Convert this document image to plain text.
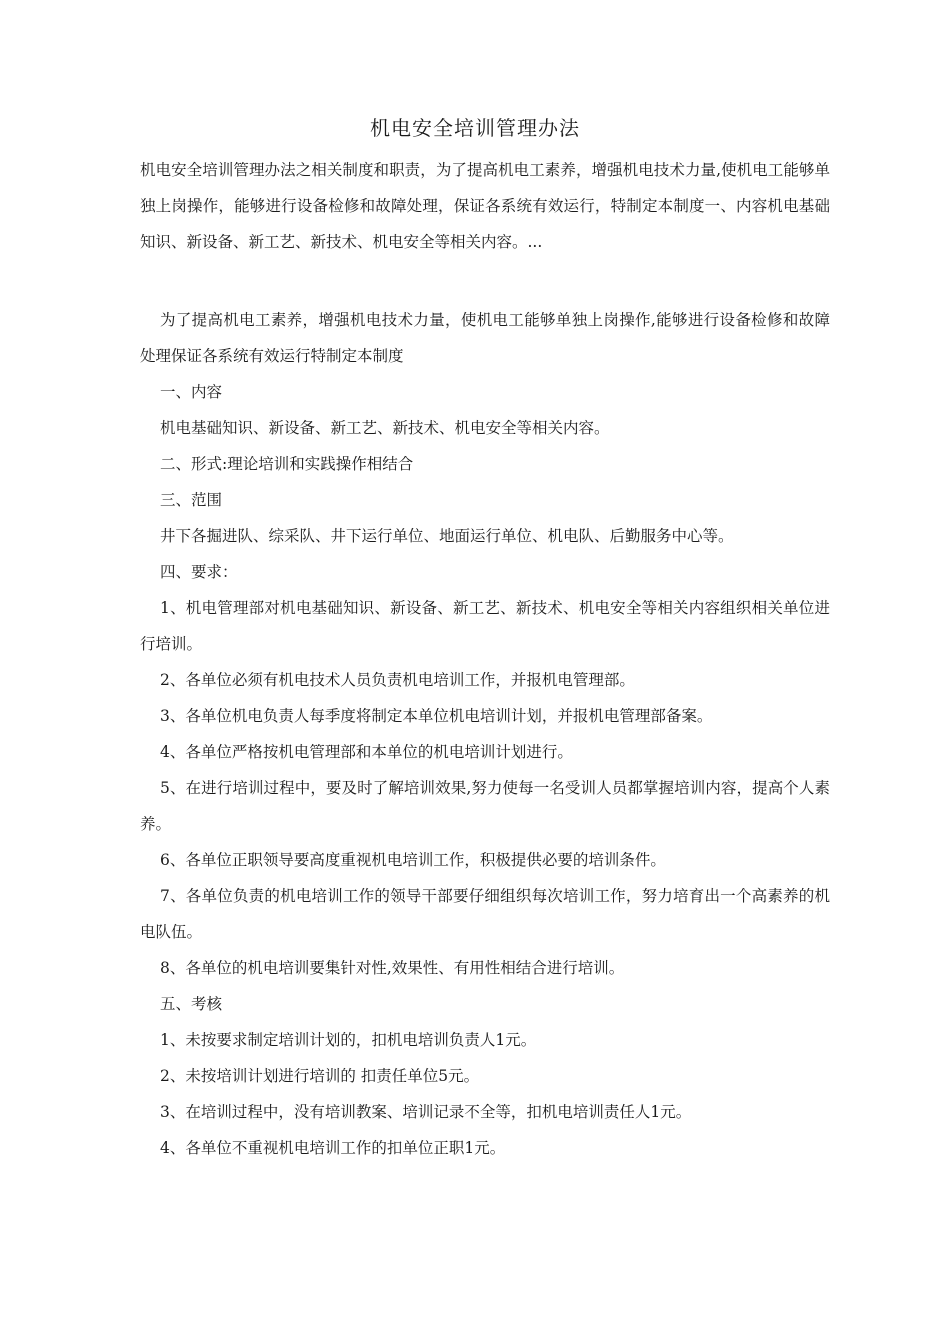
机电安全培训管理办法
机电安全培训管理办法之相关制度和职责，为了提高机电工素养，增强机电技术力量,使机电工能够单独上岗操作，能够进行设备检修和故障处理，保证各系统有效运行，特制定本制度一、内容机电基础知识、新设备、新工艺、新技术、机电安全等相关内容。...

为了提高机电工素养，增强机电技术力量，使机电工能够单独上岗操作,能够进行设备检修和故障处理保证各系统有效运行特制定本制度

一、内容

机电基础知识、新设备、新工艺、新技术、机电安全等相关内容。

二、形式:理论培训和实践操作相结合

三、范围

井下各掘进队、综采队、井下运行单位、地面运行单位、机电队、后勤服务中心等。

四、要求：

1、机电管理部对机电基础知识、新设备、新工艺、新技术、机电安全等相关内容组织相关单位进行培训。

2、各单位必须有机电技术人员负责机电培训工作，并报机电管理部。

3、各单位机电负责人每季度将制定本单位机电培训计划，并报机电管理部备案。

4、各单位严格按机电管理部和本单位的机电培训计划进行。

5、在进行培训过程中，要及时了解培训效果,努力使每一名受训人员都掌握培训内容，提高个人素养。

6、各单位正职领导要高度重视机电培训工作，积极提供必要的培训条件。

7、各单位负责的机电培训工作的领导干部要仔细组织每次培训工作，努力培育出一个高素养的机电队伍。

8、各单位的机电培训要集针对性,效果性、有用性相结合进行培训。

五、考核

1、未按要求制定培训计划的，扣机电培训负责人1元。

2、未按培训计划进行培训的 扣责任单位5元。

3、在培训过程中，没有培训教案、培训记录不全等，扣机电培训责任人1元。

4、各单位不重视机电培训工作的扣单位正职1元。
